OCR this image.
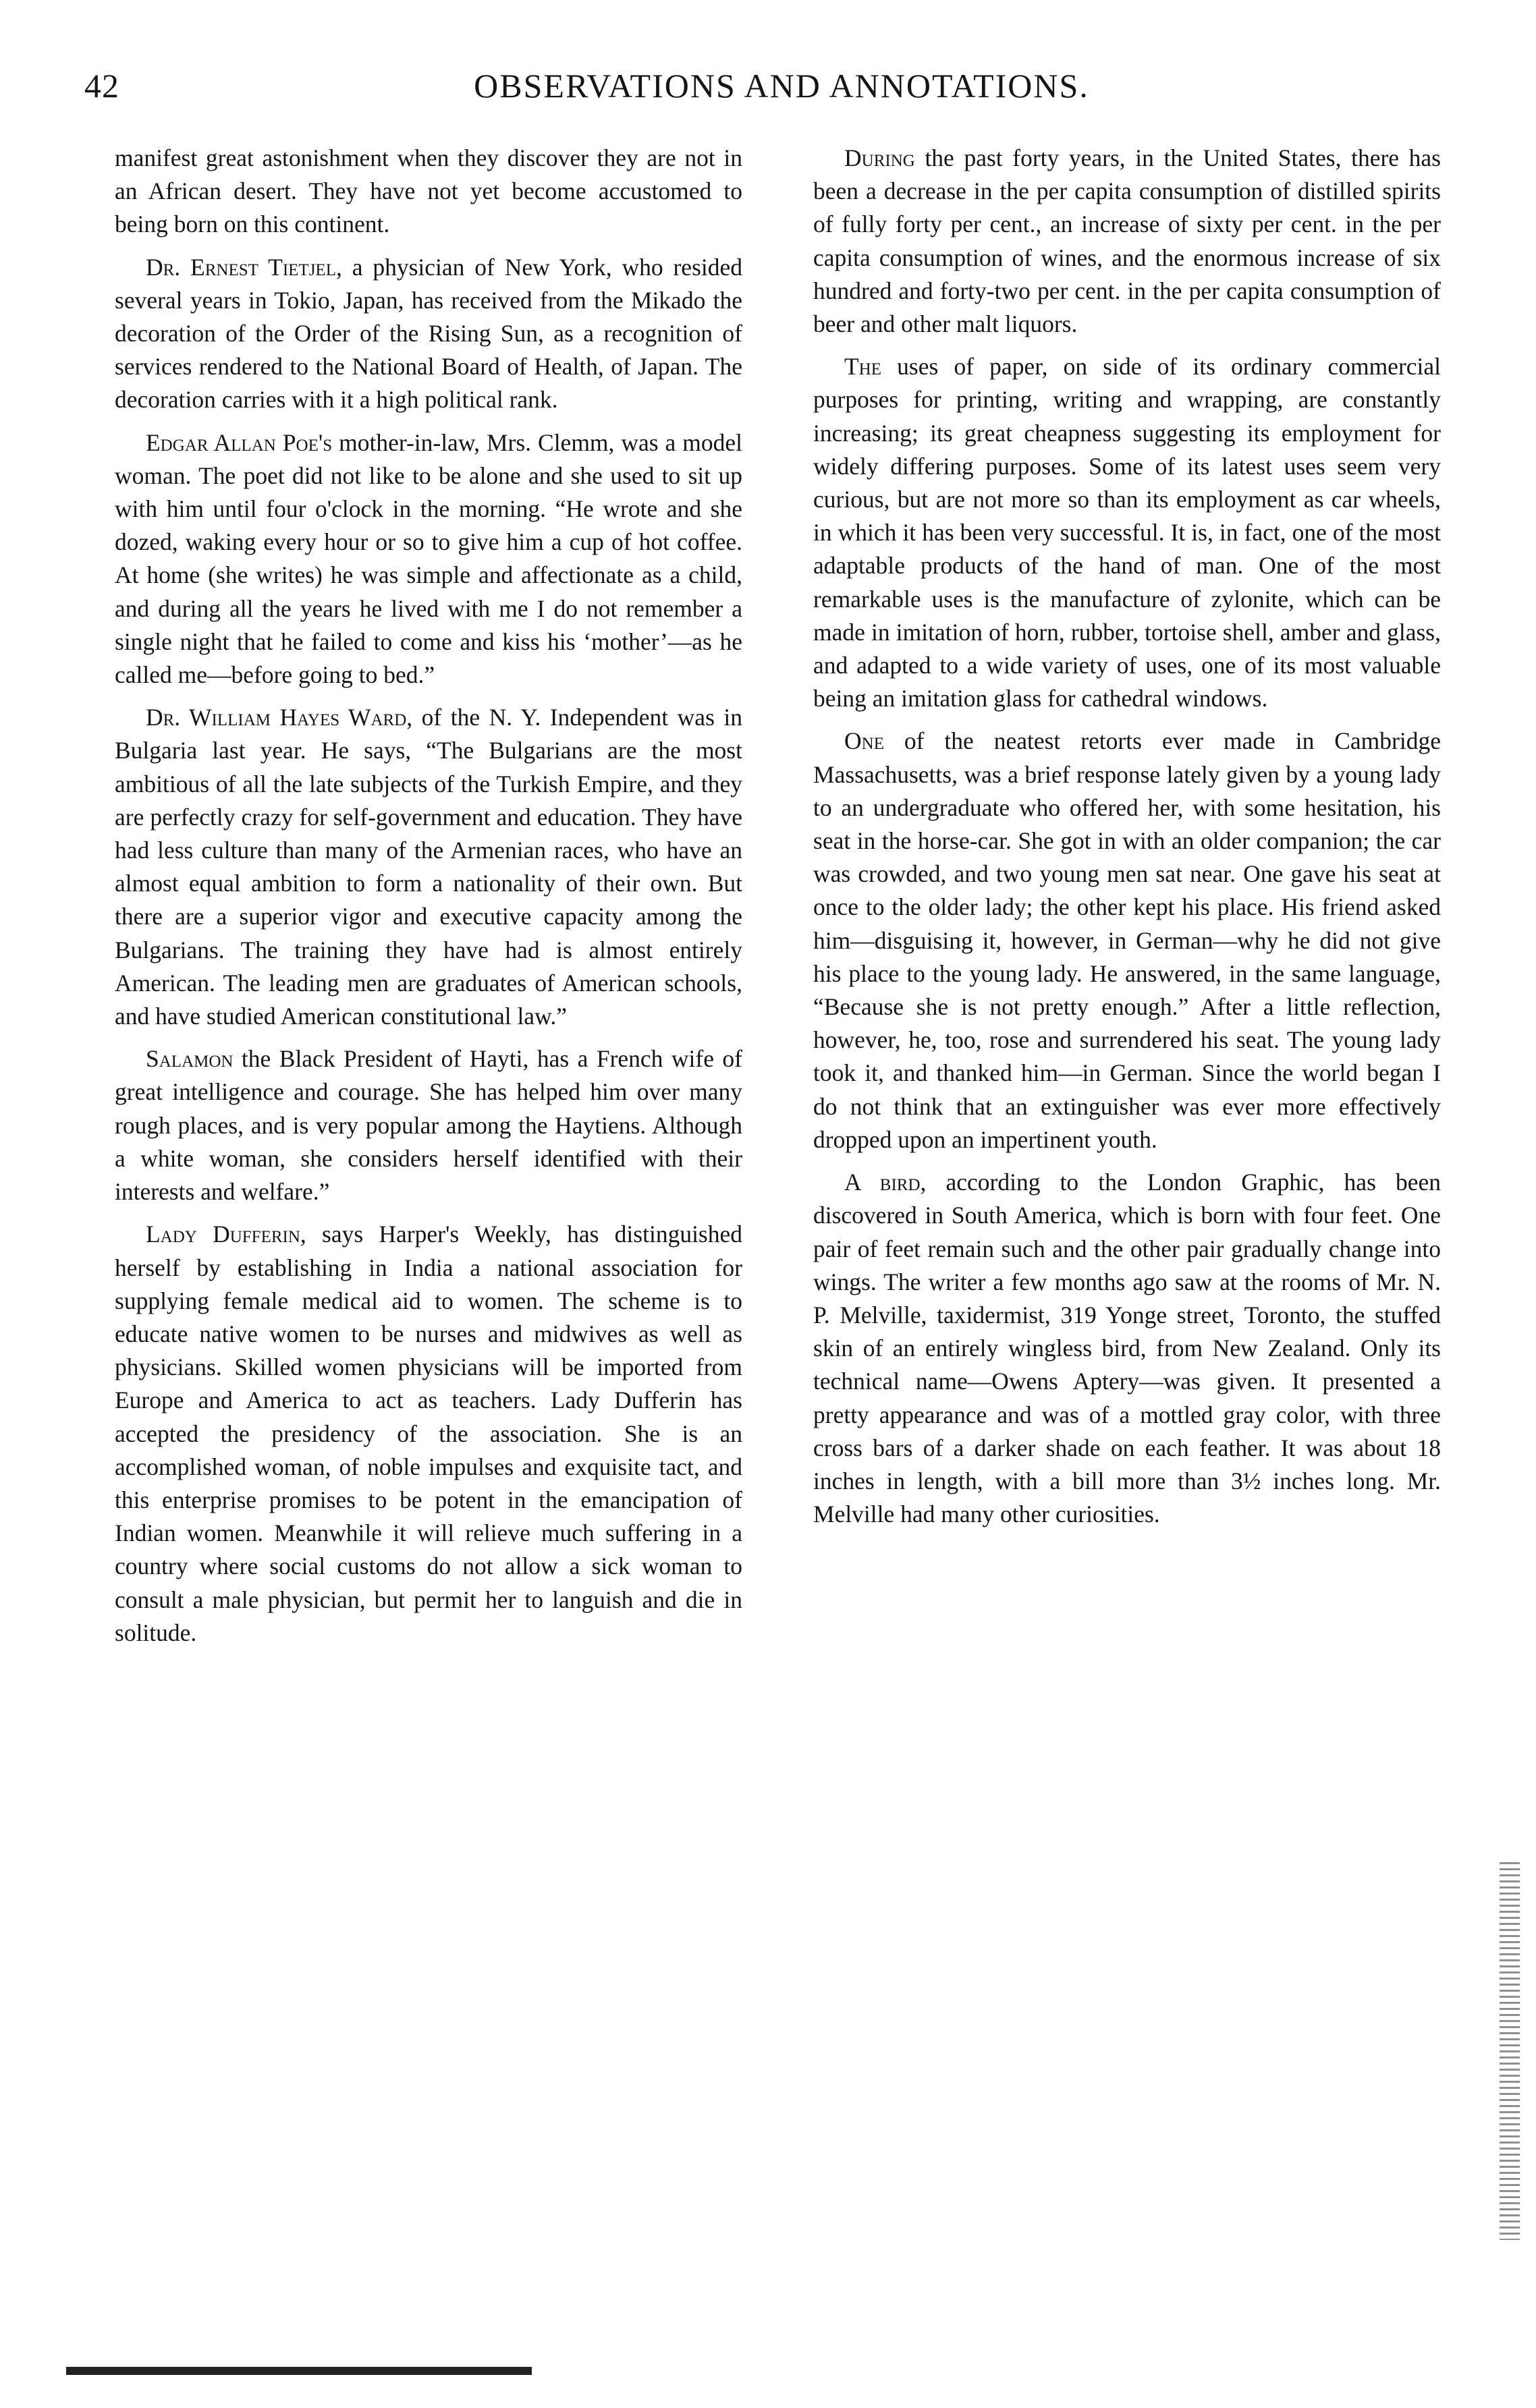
42	OBSERVATIONS AND ANNOTATIONS.

manifest great astonishment when they discover they are not in an African desert. They have not yet become accustomed to being born on this continent.

Dr. Ernest Tietjel, a physician of New York, who resided several years in Tokio, Japan, has received from the Mikado the decoration of the Order of the Rising Sun, as a recognition of services rendered to the National Board of Health, of Japan. The decoration carries with it a high political rank.

Edgar Allan Poe's mother-in-law, Mrs. Clemm, was a model woman. The poet did not like to be alone and she used to sit up with him until four o'clock in the morning. “He wrote and she dozed, waking every hour or so to give him a cup of hot coffee. At home (she writes) he was simple and affectionate as a child, and during all the years he lived with me I do not remember a single night that he failed to come and kiss his ‘mother’—as he called me—before going to bed.”

Dr. William Hayes Ward, of the N. Y. Independent was in Bulgaria last year. He says, “The Bulgarians are the most ambitious of all the late subjects of the Turkish Empire, and they are perfectly crazy for self-government and education. They have had less culture than many of the Armenian races, who have an almost equal ambition to form a nationality of their own. But there are a superior vigor and executive capacity among the Bulgarians. The training they have had is almost entirely American. The leading men are graduates of American schools, and have studied American constitutional law.”

Salamon the Black President of Hayti, has a French wife of great intelligence and courage. She has helped him over many rough places, and is very popular among the Haytiens. Although a white woman, she considers herself identified with their interests and welfare.”

Lady Dufferin, says Harper's Weekly, has distinguished herself by establishing in India a national association for supplying female medical aid to women. The scheme is to educate native women to be nurses and midwives as well as physicians. Skilled women physicians will be imported from Europe and America to act as teachers. Lady Dufferin has accepted the presidency of the association. She is an accomplished woman, of noble impulses and exquisite tact, and this enterprise promises to be potent in the emancipation of Indian women. Meanwhile it will relieve much suffering in a country where social customs do not allow a sick woman to consult a male physician, but permit her to languish and die in solitude.

During the past forty years, in the United States, there has been a decrease in the per capita consumption of distilled spirits of fully forty per cent., an increase of sixty per cent. in the per capita consumption of wines, and the enormous increase of six hundred and forty-two per cent. in the per capita consumption of beer and other malt liquors.

The uses of paper, on side of its ordinary commercial purposes for printing, writing and wrapping, are constantly increasing; its great cheapness suggesting its employment for widely differing purposes. Some of its latest uses seem very curious, but are not more so than its employment as car wheels, in which it has been very successful. It is, in fact, one of the most adaptable products of the hand of man. One of the most remarkable uses is the manufacture of zylonite, which can be made in imitation of horn, rubber, tortoise shell, amber and glass, and adapted to a wide variety of uses, one of its most valuable being an imitation glass for cathedral windows.

One of the neatest retorts ever made in Cambridge Massachusetts, was a brief response lately given by a young lady to an undergraduate who offered her, with some hesitation, his seat in the horse-car. She got in with an older companion; the car was crowded, and two young men sat near. One gave his seat at once to the older lady; the other kept his place. His friend asked him—disguising it, however, in German—why he did not give his place to the young lady. He answered, in the same language, “Because she is not pretty enough.” After a little reflection, however, he, too, rose and surrendered his seat. The young lady took it, and thanked him—in German. Since the world began I do not think that an extinguisher was ever more effectively dropped upon an impertinent youth.

A bird, according to the London Graphic, has been discovered in South America, which is born with four feet. One pair of feet remain such and the other pair gradually change into wings. The writer a few months ago saw at the rooms of Mr. N. P. Melville, taxidermist, 319 Yonge street, Toronto, the stuffed skin of an entirely wingless bird, from New Zealand. Only its technical name—Owens Aptery—was given. It presented a pretty appearance and was of a mottled gray color, with three cross bars of a darker shade on each feather. It was about 18 inches in length, with a bill more than 3½ inches long. Mr. Melville had many other curiosities.
